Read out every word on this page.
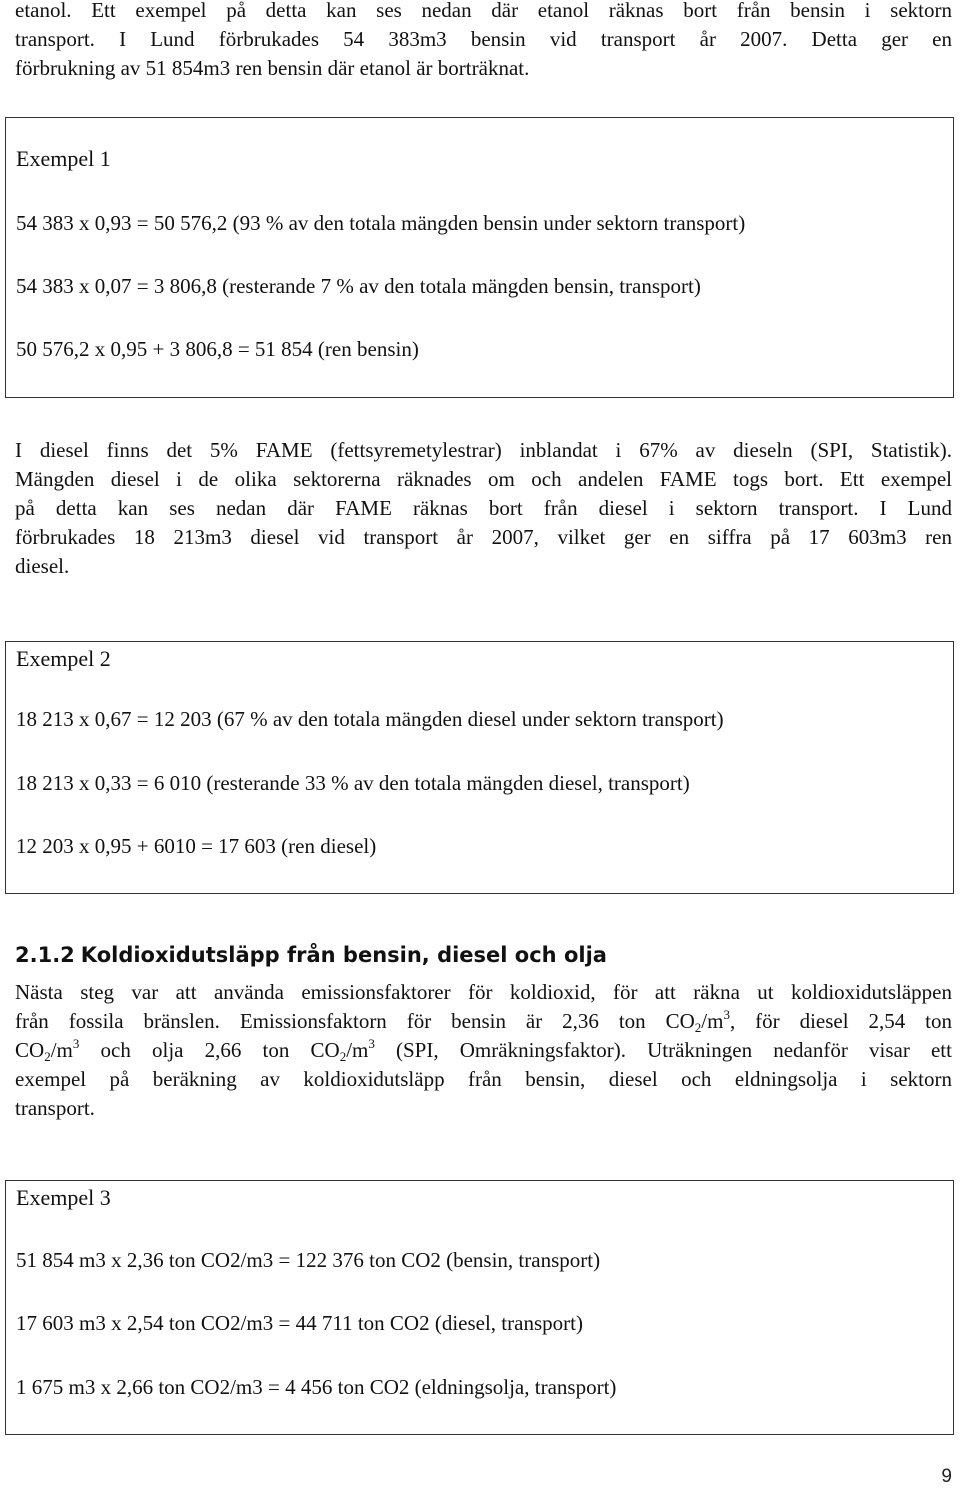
etanol. Ett exempel på detta kan ses nedan där etanol räknas bort från bensin i sektorn
transport. I Lund förbrukades 54 383m3 bensin vid transport år 2007. Detta ger en
förbrukning av 51 854m3 ren bensin där etanol är borträknat.
Exempel 1
54 383 x 0,93 = 50 576,2 (93 % av den totala mängden bensin under sektorn transport)
54 383 x 0,07 = 3 806,8 (resterande 7 % av den totala mängden bensin, transport)
50 576,2 x 0,95 + 3 806,8 = 51 854 (ren bensin)
I diesel finns det 5% FAME (fettsyremetylestrar) inblandat i 67% av dieseln (SPI, Statistik).
Mängden diesel i de olika sektorerna räknades om och andelen FAME togs bort. Ett exempel
på detta kan ses nedan där FAME räknas bort från diesel i sektorn transport. I Lund
förbrukades 18 213m3 diesel vid transport år 2007, vilket ger en siffra på 17 603m3 ren
diesel.
Exempel 2
18 213 x 0,67 = 12 203 (67 % av den totala mängden diesel under sektorn transport)
18 213 x 0,33 = 6 010 (resterande 33 % av den totala mängden diesel, transport)
12 203 x 0,95 + 6010 = 17 603 (ren diesel)
2.1.2 Koldioxidutsläpp från bensin, diesel och olja
Nästa steg var att använda emissionsfaktorer för koldioxid, för att räkna ut koldioxidutsläppen
från fossila bränslen. Emissionsfaktorn för bensin är 2,36 ton $CO_2/m^3$, för diesel 2,54 ton
$CO_2/m^3$ och olja 2,66 ton $CO_2/m^3$ (SPI, Omräkningsfaktor). Uträkningen nedanför visar ett
exempel på beräkning av koldioxidutsläpp från bensin, diesel och eldningsolja i sektorn
transport.
Exempel 3
51 854 m3 x 2,36 ton CO2/m3 = 122 376 ton CO2 (bensin, transport)
17 603 m3 x 2,54 ton CO2/m3 = 44 711 ton CO2 (diesel, transport)
1 675 m3 x 2,66 ton CO2/m3 = 4 456 ton CO2 (eldningsolja, transport)
9
